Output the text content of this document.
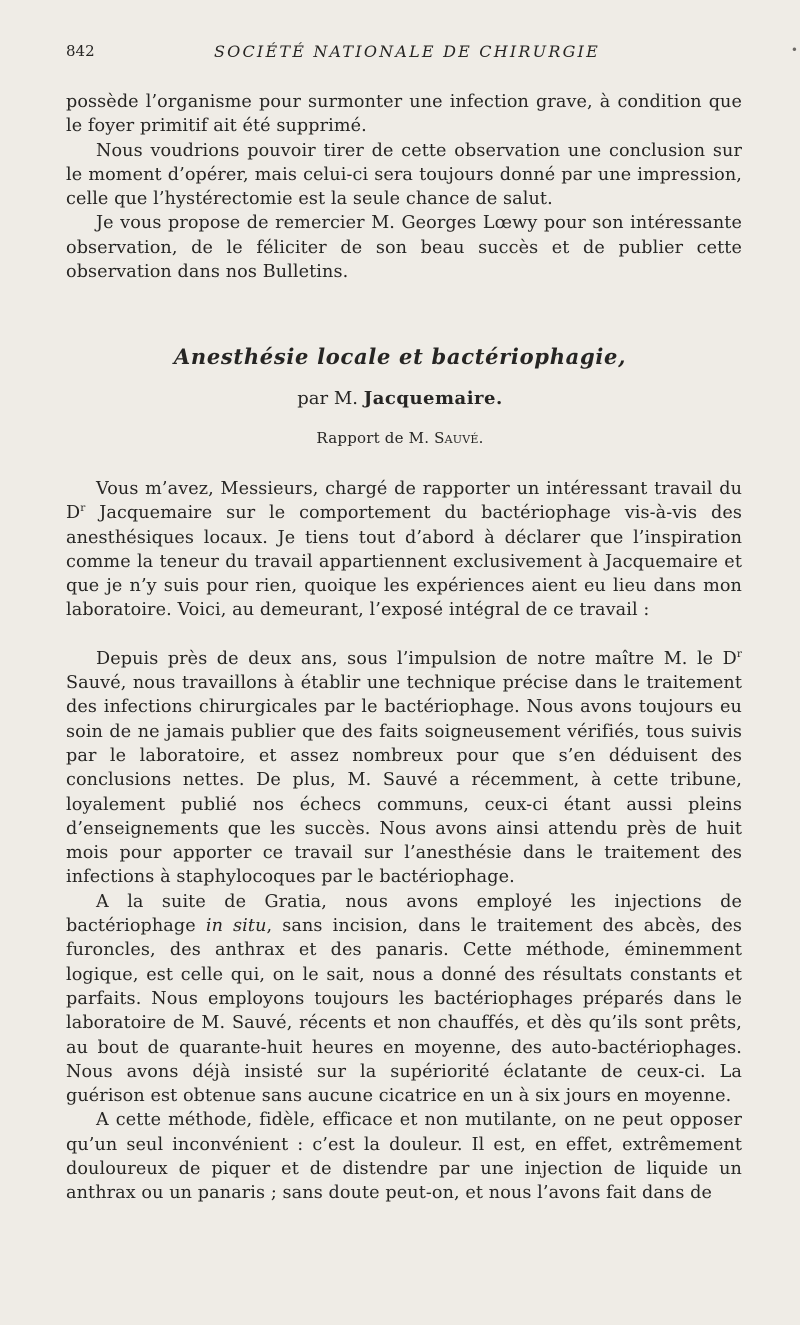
842	SOCIÉTÉ NATIONALE DE CHIRURGIE	•

possède l’organisme pour surmonter une infection grave, à condition que le foyer primitif ait été supprimé.

Nous voudrions pouvoir tirer de cette observation une conclusion sur le moment d’opérer, mais celui-ci sera toujours donné par une impression, celle que l’hystérectomie est la seule chance de salut.

Je vous propose de remercier M. Georges Lœwy pour son intéressante observation, de le féliciter de son beau succès et de publier cette observation dans nos Bulletins.

Anesthésie locale et bactériophagie,
par M. Jacquemaire.
Rapport de M. Sauvé.

Vous m’avez, Messieurs, chargé de rapporter un intéressant travail du $D^r$ Jacquemaire sur le comportement du bactériophage vis-à-vis des anesthésiques locaux. Je tiens tout d’abord à déclarer que l’inspiration comme la teneur du travail appartiennent exclusivement à Jacquemaire et que je n’y suis pour rien, quoique les expériences aient eu lieu dans mon laboratoire. Voici, au demeurant, l’exposé intégral de ce travail :

Depuis près de deux ans, sous l’impulsion de notre maître M. le $D^r$ Sauvé, nous travaillons à établir une technique précise dans le traitement des infections chirurgicales par le bactériophage. Nous avons toujours eu soin de ne jamais publier que des faits soigneusement vérifiés, tous suivis par le laboratoire, et assez nombreux pour que s’en déduisent des conclusions nettes. De plus, M. Sauvé a récemment, à cette tribune, loyalement publié nos échecs communs, ceux-ci étant aussi pleins d’enseignements que les succès. Nous avons ainsi attendu près de huit mois pour apporter ce travail sur l’anesthésie dans le traitement des infections à staphylocoques par le bactériophage.

A la suite de Gratia, nous avons employé les injections de bactériophage in situ, sans incision, dans le traitement des abcès, des furoncles, des anthrax et des panaris. Cette méthode, éminemment logique, est celle qui, on le sait, nous a donné des résultats constants et parfaits. Nous employons toujours les bactériophages préparés dans le laboratoire de M. Sauvé, récents et non chauffés, et dès qu’ils sont prêts, au bout de quarante-huit heures en moyenne, des auto-bactériophages. Nous avons déjà insisté sur la supériorité éclatante de ceux-ci. La guérison est obtenue sans aucune cicatrice en un à six jours en moyenne.

A cette méthode, fidèle, efficace et non mutilante, on ne peut opposer qu’un seul inconvénient : c’est la douleur. Il est, en effet, extrêmement douloureux de piquer et de distendre par une injection de liquide un anthrax ou un panaris ; sans doute peut-on, et nous l’avons fait dans de
